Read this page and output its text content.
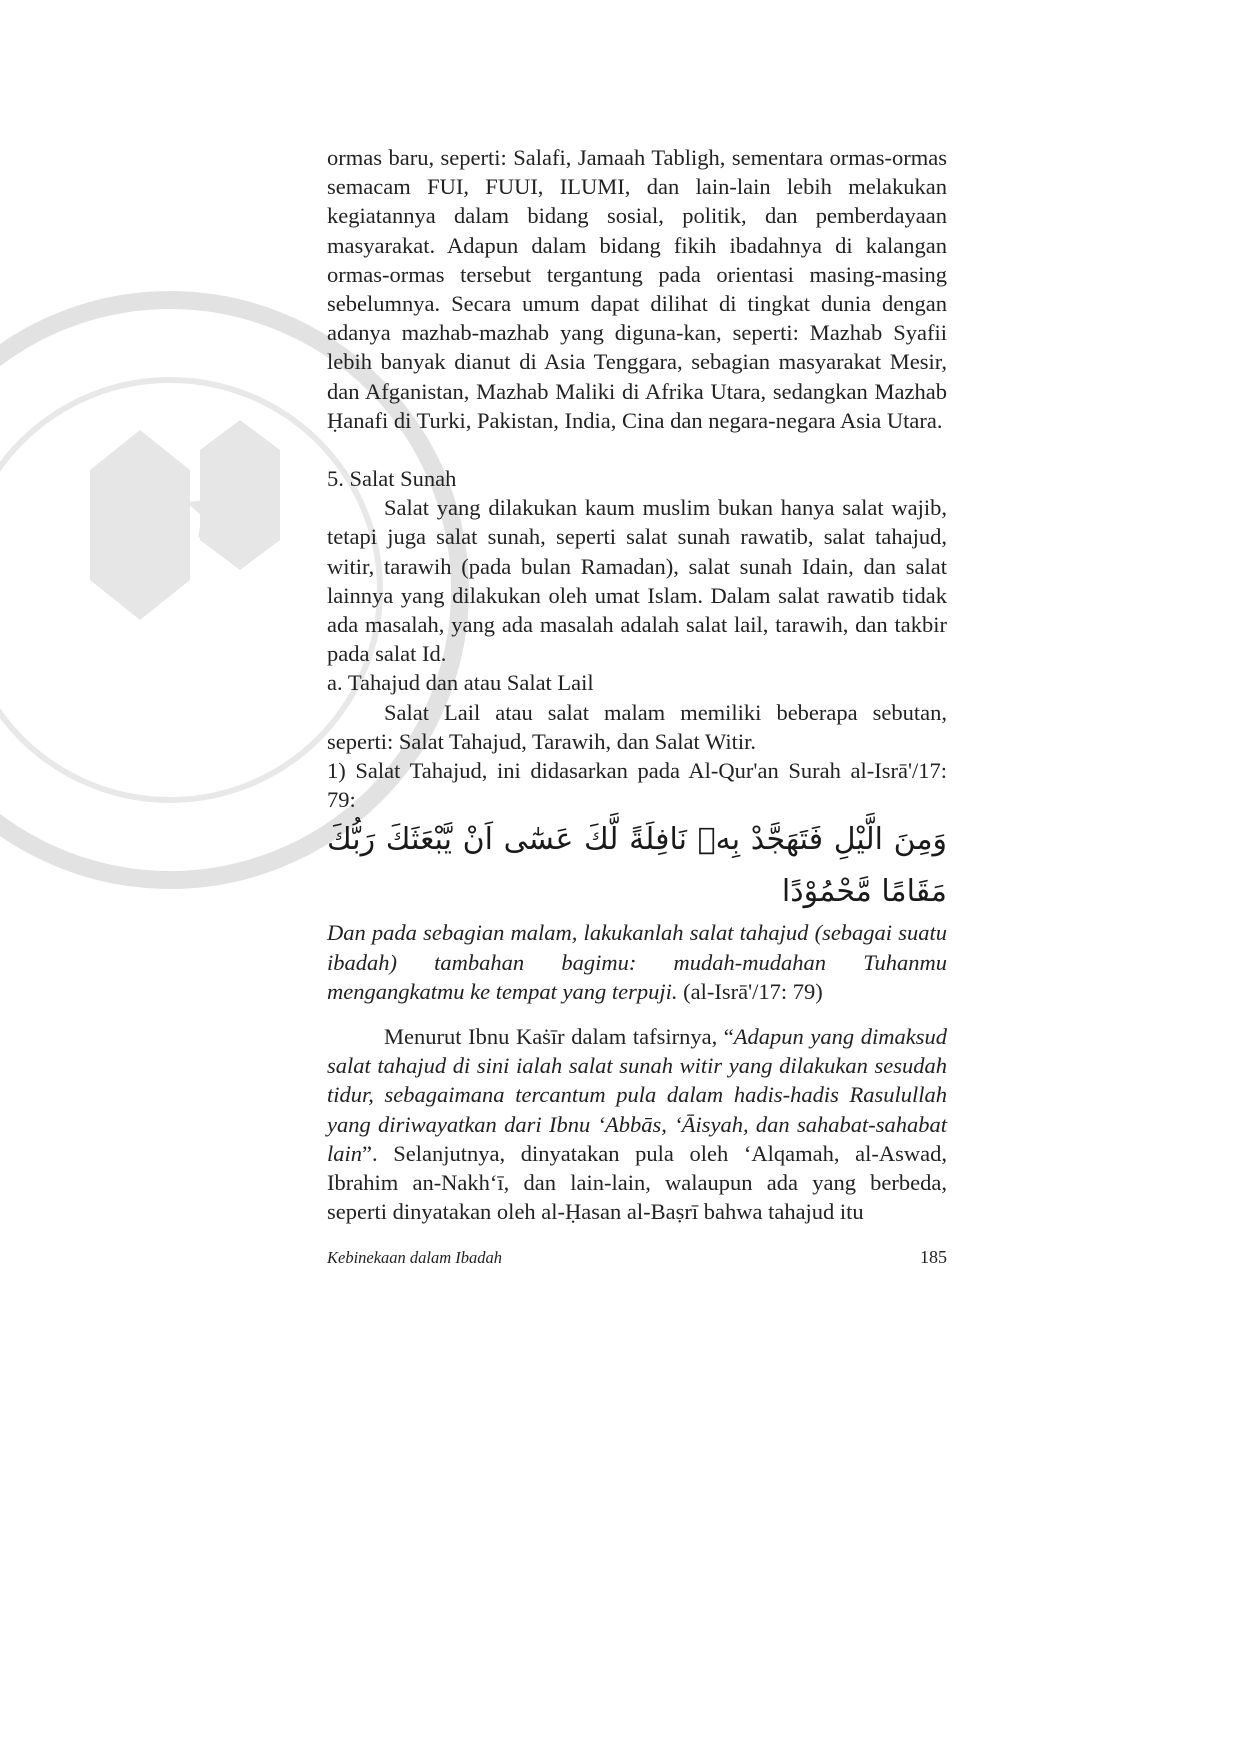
ormas baru, seperti: Salafi, Jamaah Tabligh, sementara ormas-ormas semacam FUI, FUUI, ILUMI, dan lain-lain lebih melakukan kegiatannya dalam bidang sosial, politik, dan pemberdayaan masyarakat. Adapun dalam bidang fikih ibadahnya di kalangan ormas-ormas tersebut tergantung pada orientasi masing-masing sebelumnya. Secara umum dapat dilihat di tingkat dunia dengan adanya mazhab-mazhab yang diguna-kan, seperti: Mazhab Syafii lebih banyak dianut di Asia Tenggara, sebagian masyarakat Mesir, dan Afganistan, Mazhab Maliki di Afrika Utara, sedangkan Mazhab Ḥanafi di Turki, Pakistan, India, Cina dan negara-negara Asia Utara.

5. Salat Sunah

Salat yang dilakukan kaum muslim bukan hanya salat wajib, tetapi juga salat sunah, seperti salat sunah rawatib, salat tahajud, witir, tarawih (pada bulan Ramadan), salat sunah Idain, dan salat lainnya yang dilakukan oleh umat Islam. Dalam salat rawatib tidak ada masalah, yang ada masalah adalah salat lail, tarawih, dan takbir pada salat Id.

a. Tahajud dan atau Salat Lail

Salat Lail atau salat malam memiliki beberapa sebutan, seperti: Salat Tahajud, Tarawih, dan Salat Witir.

1) Salat Tahajud, ini didasarkan pada Al-Qur'an Surah al-Isrā'/17: 79:

وَمِنَ الَّيْلِ فَتَهَجَّدْ بِهٖ نَافِلَةً لَّكَ عَسٰٓى اَنْ يَّبْعَثَكَ رَبُّكَ مَقَامًا مَّحْمُوْدًا

Dan pada sebagian malam, lakukanlah salat tahajud (sebagai suatu ibadah) tambahan bagimu: mudah-mudahan Tuhanmu mengangkatmu ke tempat yang terpuji. (al-Isrā'/17: 79)

Menurut Ibnu Kaṡīr dalam tafsirnya, “Adapun yang dimaksud salat tahajud di sini ialah salat sunah witir yang dilakukan sesudah tidur, sebagaimana tercantum pula dalam hadis-hadis Rasulullah yang diriwayatkan dari Ibnu ‘Abbās, ‘Āisyah, dan sahabat-sahabat lain”. Selanjutnya, dinyatakan pula oleh ‘Alqamah, al-Aswad, Ibrahim an-Nakh‘ī, dan lain-lain, walaupun ada yang berbeda, seperti dinyatakan oleh al-Ḥasan al-Baṣrī bahwa tahajud itu

Kebinekaan dalam Ibadah	185
